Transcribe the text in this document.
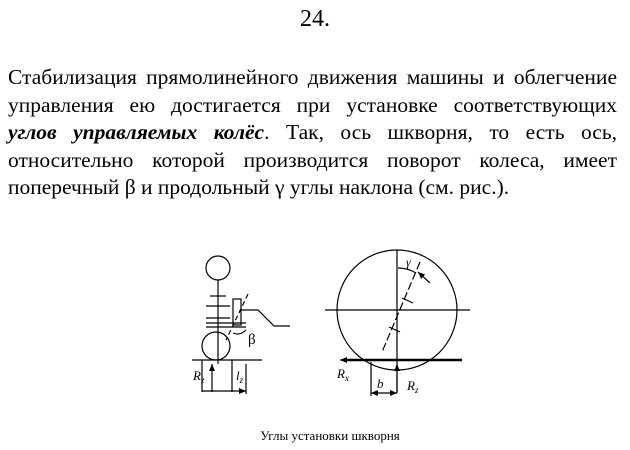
24.

Стабилизация прямолинейного движения машины и облегчение управления ею достигается при установке соответствующих углов управляемых колёс. Так, ось шкворня, то есть ось, относительно которой производится поворот колеса, имеет поперечный β и продольный γ углы наклона (см. рис.).

β
$R_z$ $l_z$
γ
$R_x$ b $R_z$
Углы установки шкворня
